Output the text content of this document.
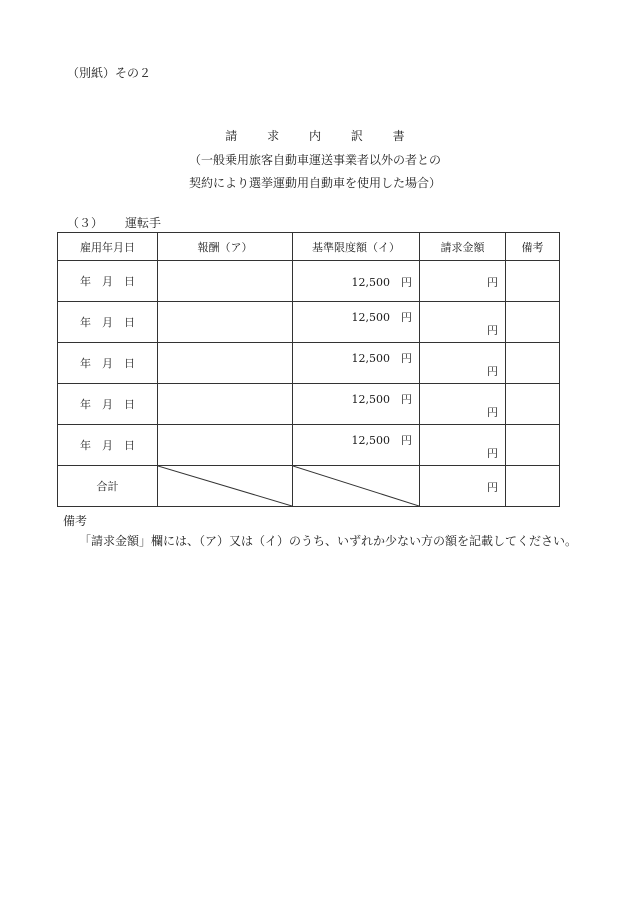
（別紙）その２
請 求 内 訳 書
（一般乗用旅客自動車運送事業者以外の者との
契約により選挙運動用自動車を使用した場合）
（３） 運転手
雇用年月日	報酬（ア）	基準限度額（イ）	請求金額	備考
年　月　日		12,500　円	円	

年　月　日		12,500　円	円	

年　月　日		12,500　円	円	

年　月　日		12,500　円	円	

年　月　日		12,500　円	円	

合計			円	

備考
「請求金額」欄には、（ア）又は（イ）のうち、いずれか少ない方の額を記載してください。
